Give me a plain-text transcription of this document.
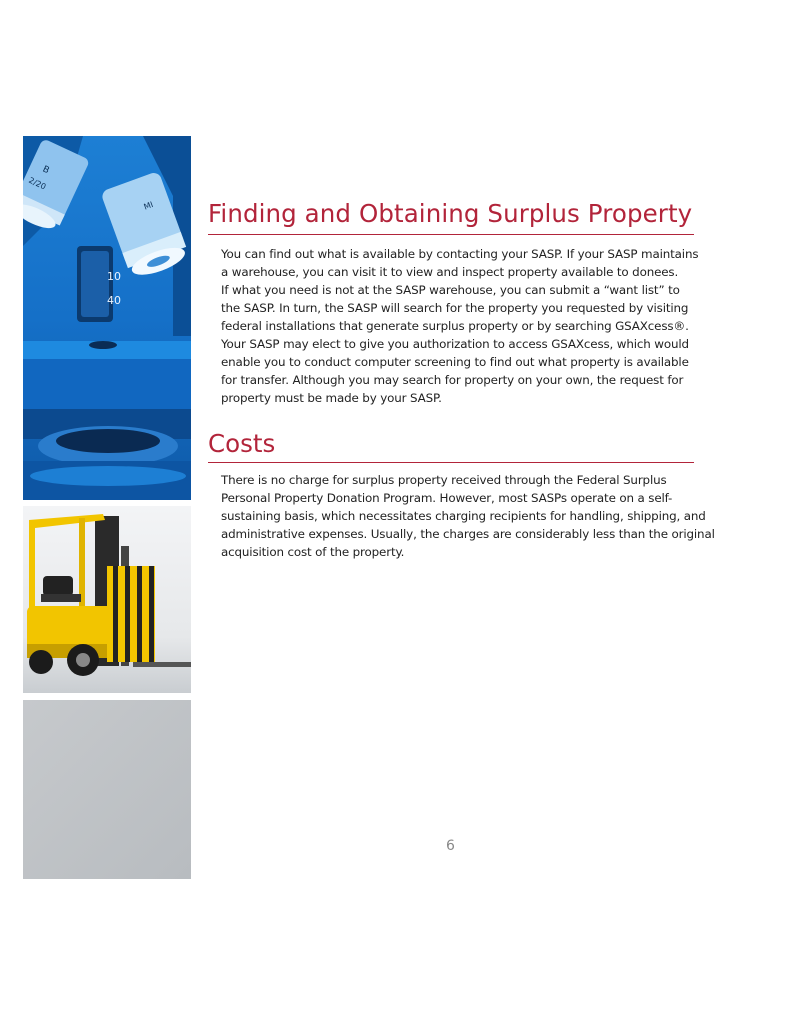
B
2/20
MI
10
40
Finding and Obtaining Surplus Property

You can find out what is available by contacting your SASP. If your SASP maintains
a warehouse, you can visit it to view and inspect property available to donees.
If what you need is not at the SASP warehouse, you can submit a “want list” to
the SASP. In turn, the SASP will search for the property you requested by visiting
federal installations that generate surplus property or by searching GSAXcess®.
Your SASP may elect to give you authorization to access GSAXcess, which would
enable you to conduct computer screening to find out what property is available
for transfer. Although you may search for property on your own, the request for
property must be made by your SASP.

Costs

There is no charge for surplus property received through the Federal Surplus
Personal Property Donation Program. However, most SASPs operate on a self-
sustaining basis, which necessitates charging recipients for handling, shipping, and
administrative expenses. Usually, the charges are considerably less than the original
acquisition cost of the property.

6
